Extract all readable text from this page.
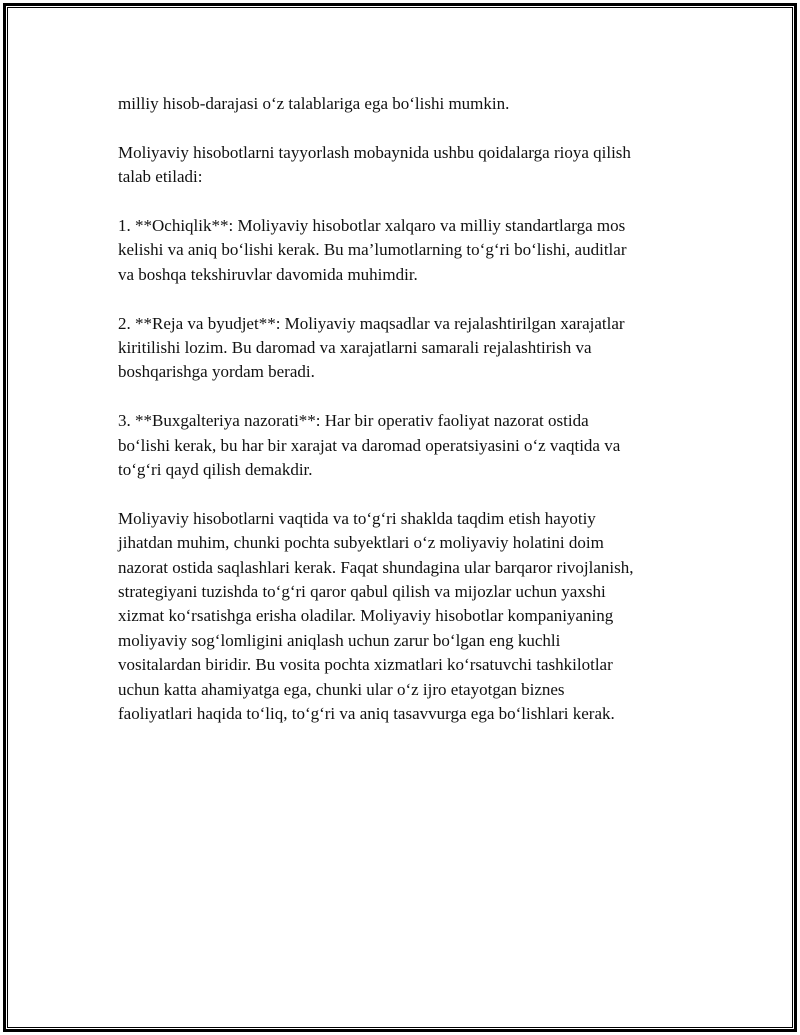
milliy hisob-darajasi o‘z talablariga ega bo‘lishi mumkin.

Moliyaviy hisobotlarni tayyorlash mobaynida ushbu qoidalarga rioya qilish
talab etiladi:

1. **Ochiqlik**: Moliyaviy hisobotlar xalqaro va milliy standartlarga mos
kelishi va aniq bo‘lishi kerak. Bu ma’lumotlarning to‘g‘ri bo‘lishi, auditlar
va boshqa tekshiruvlar davomida muhimdir.

2. **Reja va byudjet**: Moliyaviy maqsadlar va rejalashtirilgan xarajatlar
kiritilishi lozim. Bu daromad va xarajatlarni samarali rejalashtirish va
boshqarishga yordam beradi.

3. **Buxgalteriya nazorati**: Har bir operativ faoliyat nazorat ostida
bo‘lishi kerak, bu har bir xarajat va daromad operatsiyasini o‘z vaqtida va
to‘g‘ri qayd qilish demakdir.

Moliyaviy hisobotlarni vaqtida va to‘g‘ri shaklda taqdim etish hayotiy
jihatdan muhim, chunki pochta subyektlari o‘z moliyaviy holatini doim
nazorat ostida saqlashlari kerak. Faqat shundagina ular barqaror rivojlanish,
strategiyani tuzishda to‘g‘ri qaror qabul qilish va mijozlar uchun yaxshi
xizmat ko‘rsatishga erisha oladilar. Moliyaviy hisobotlar kompaniyaning
moliyaviy sog‘lomligini aniqlash uchun zarur bo‘lgan eng kuchli
vositalardan biridir. Bu vosita pochta xizmatlari ko‘rsatuvchi tashkilotlar
uchun katta ahamiyatga ega, chunki ular o‘z ijro etayotgan biznes
faoliyatlari haqida to‘liq, to‘g‘ri va aniq tasavvurga ega bo‘lishlari kerak.
